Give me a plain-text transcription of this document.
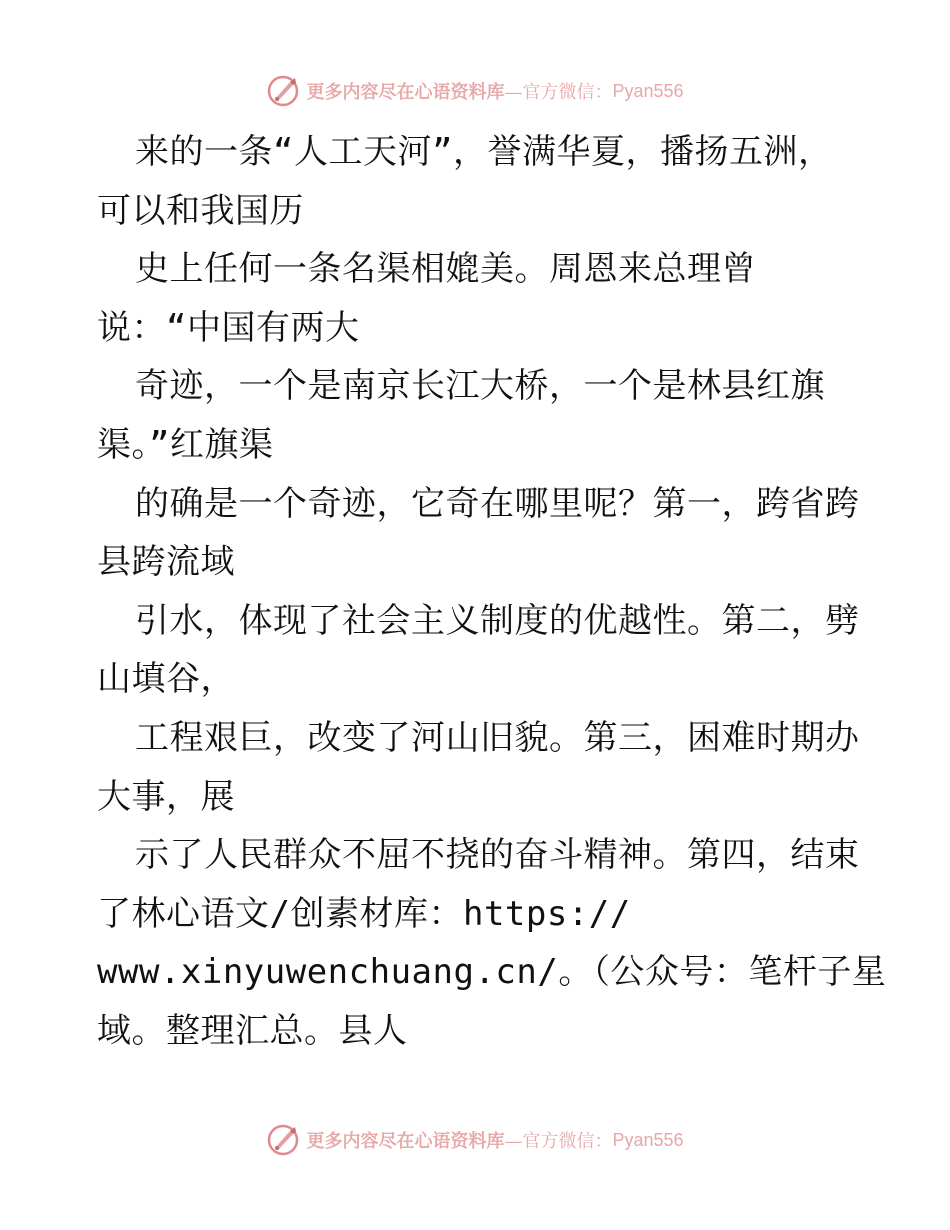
更多内容尽在心语资料库 —官方微信： Pyan556
来的一条“人工天河”，誉满华夏，播扬五洲，
可以和我国历
史上任何一条名渠相媲美。周恩来总理曾
说：“中国有两大
奇迹，一个是南京长江大桥，一个是林县红旗
渠。”红旗渠
的确是一个奇迹，它奇在哪里呢？第一，跨省跨
县跨流域
引水，体现了社会主义制度的优越性。第二，劈
山填谷，
工程艰巨，改变了河山旧貌。第三，困难时期办
大事，展
示了人民群众不屈不挠的奋斗精神。第四，结束
了林心语文/创素材库：https://
www.xinyuwenchuang.cn/。（公众号：笔杆子星
域。整理汇总。县人
更多内容尽在心语资料库 —官方微信： Pyan556
